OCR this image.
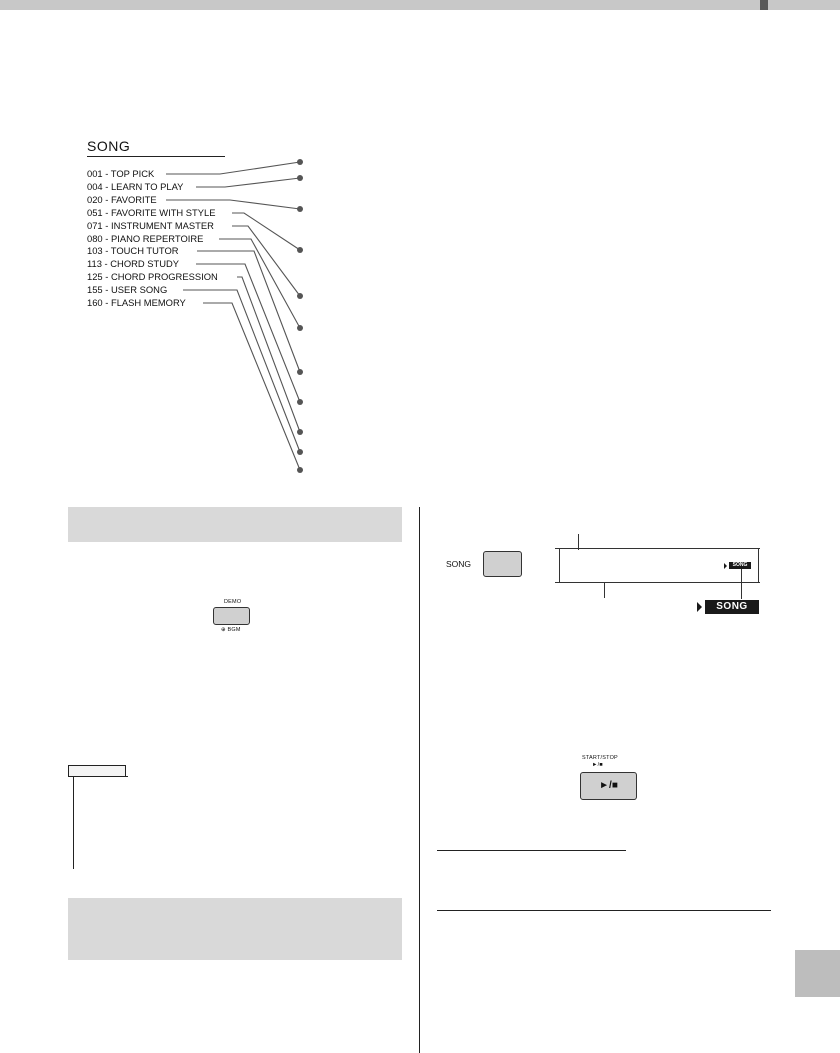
SONG
001 - TOP PICK
004 - LEARN TO PLAY
020 - FAVORITE
051 - FAVORITE WITH STYLE
071 - INSTRUMENT MASTER
080 - PIANO REPERTOIRE
103 - TOUCH TUTOR
113 - CHORD STUDY
125 - CHORD PROGRESSION
155 - USER SONG
160 - FLASH MEMORY
DEMO
⊕ BGM
SONG	SONG
SONG
START/STOP
►/■
►/■
